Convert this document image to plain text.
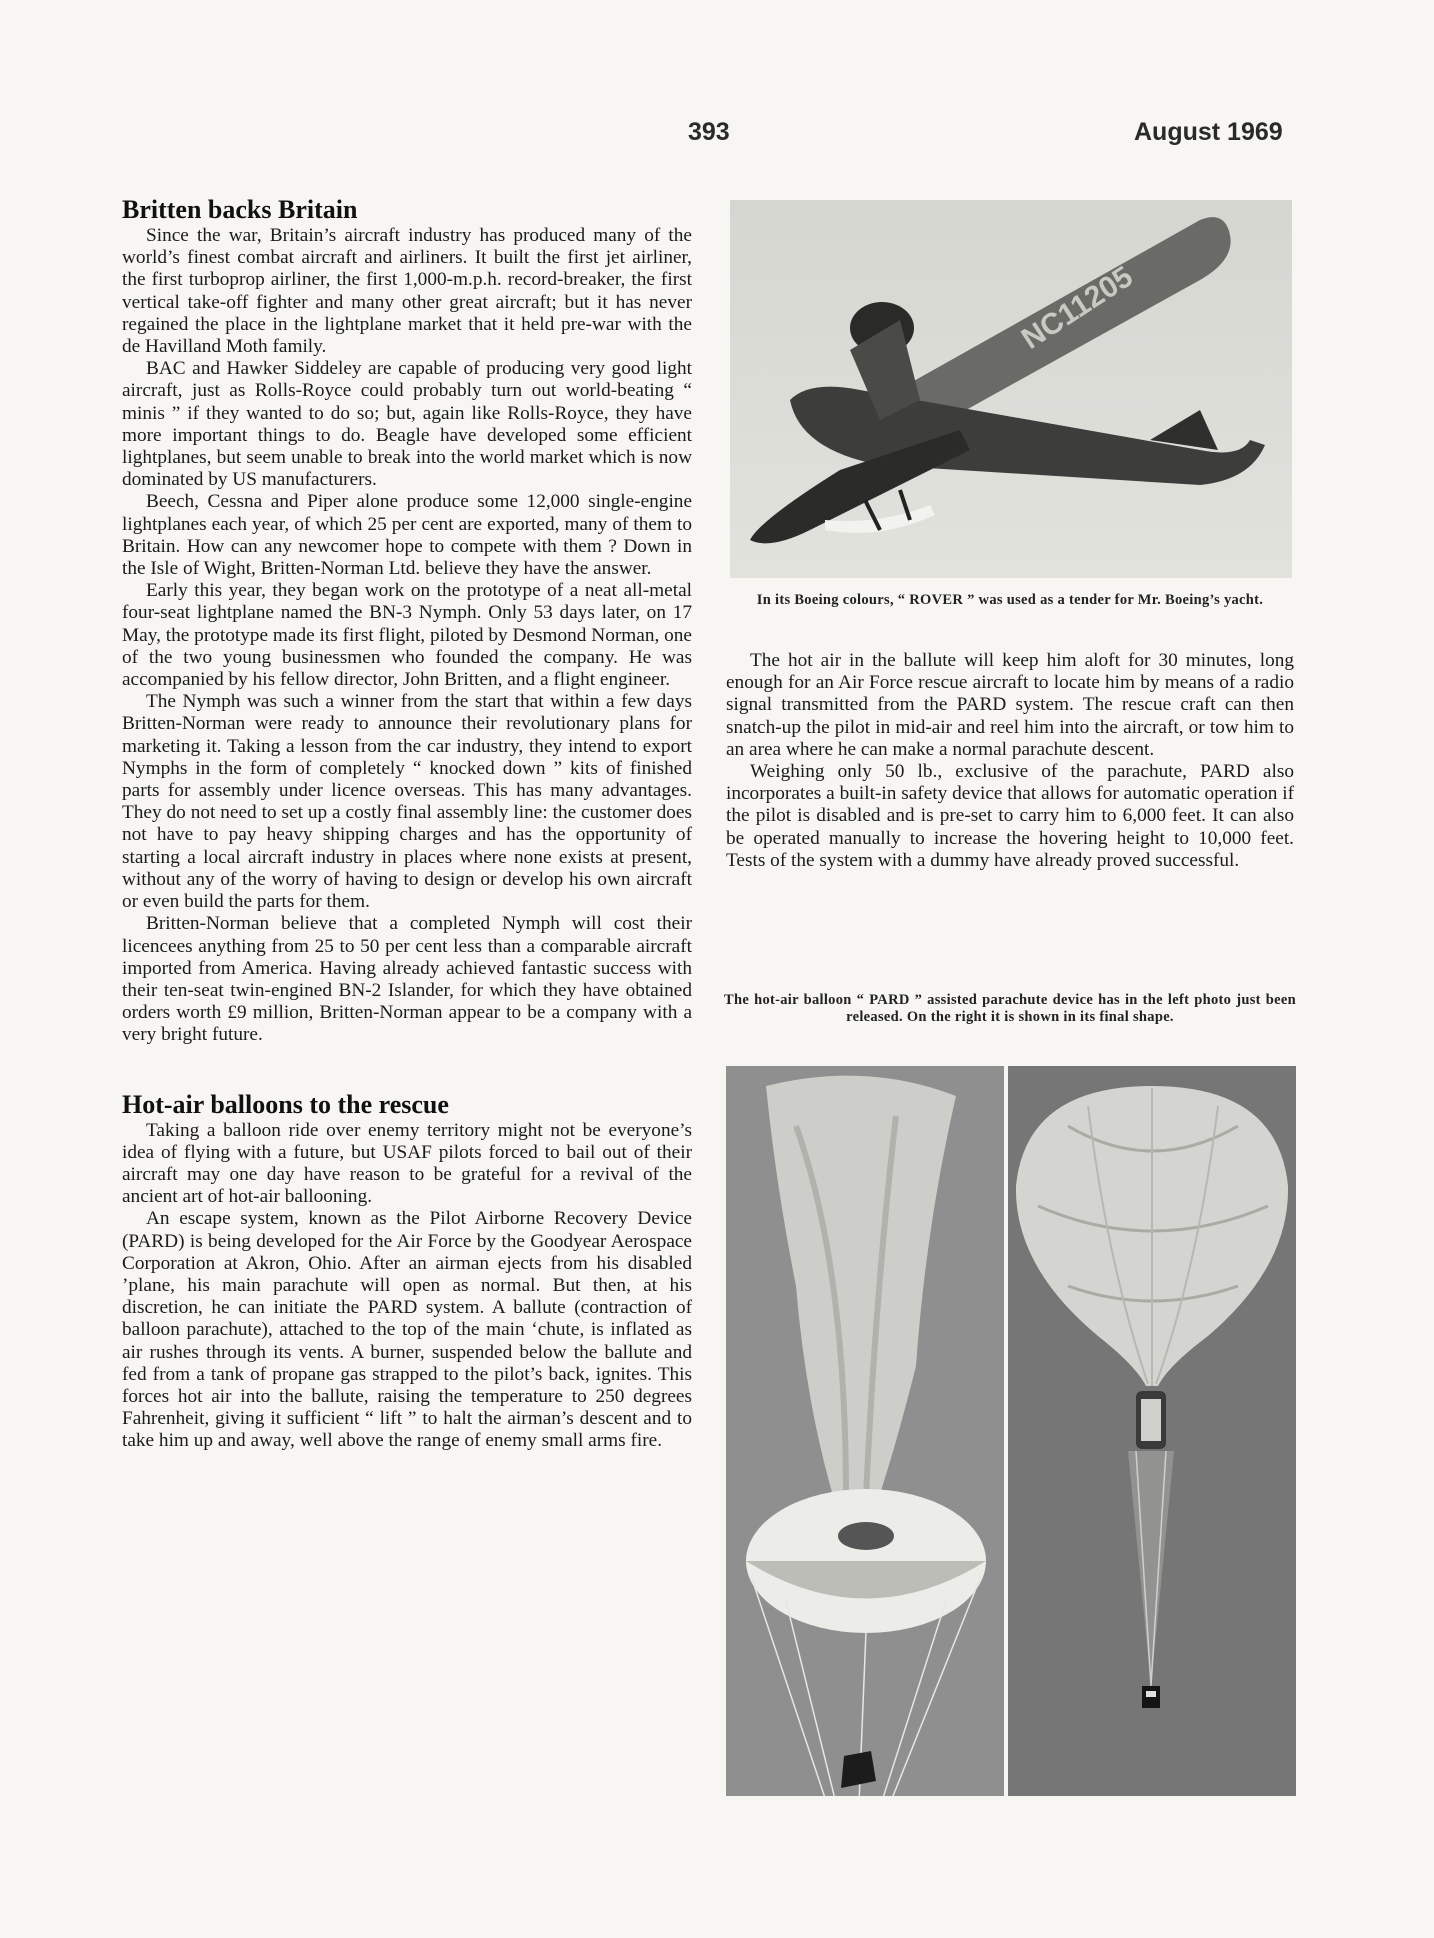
393	August 1969
Britten backs Britain

Since the war, Britain’s aircraft industry has produced many of the world’s finest combat aircraft and airliners. It built the first jet airliner, the first turboprop airliner, the first 1,000-m.p.h. record-breaker, the first vertical take-off fighter and many other great aircraft; but it has never regained the place in the lightplane market that it held pre-war with the de Havilland Moth family.

BAC and Hawker Siddeley are capable of producing very good light aircraft, just as Rolls-Royce could probably turn out world-beating “ minis ” if they wanted to do so; but, again like Rolls-Royce, they have more important things to do. Beagle have developed some efficient lightplanes, but seem unable to break into the world market which is now dominated by US manufacturers.

Beech, Cessna and Piper alone produce some 12,000 single-engine lightplanes each year, of which 25 per cent are exported, many of them to Britain. How can any newcomer hope to compete with them ? Down in the Isle of Wight, Britten-Norman Ltd. believe they have the answer.

Early this year, they began work on the prototype of a neat all-metal four-seat lightplane named the BN-3 Nymph. Only 53 days later, on 17 May, the prototype made its first flight, piloted by Desmond Norman, one of the two young businessmen who founded the company. He was accompanied by his fellow director, John Britten, and a flight engineer.

The Nymph was such a winner from the start that within a few days Britten-Norman were ready to announce their revolutionary plans for marketing it. Taking a lesson from the car industry, they intend to export Nymphs in the form of completely “ knocked down ” kits of finished parts for assembly under licence overseas. This has many advantages. They do not need to set up a costly final assembly line: the customer does not have to pay heavy shipping charges and has the opportunity of starting a local aircraft industry in places where none exists at present, without any of the worry of having to design or develop his own aircraft or even build the parts for them.

Britten-Norman believe that a completed Nymph will cost their licencees anything from 25 to 50 per cent less than a comparable aircraft imported from America. Having already achieved fantastic success with their ten-seat twin-engined BN-2 Islander, for which they have obtained orders worth £9 million, Britten-Norman appear to be a company with a very bright future.

Hot-air balloons to the rescue

Taking a balloon ride over enemy territory might not be everyone’s idea of flying with a future, but USAF pilots forced to bail out of their aircraft may one day have reason to be grateful for a revival of the ancient art of hot-air ballooning.

An escape system, known as the Pilot Airborne Recovery Device (PARD) is being developed for the Air Force by the Goodyear Aerospace Corporation at Akron, Ohio. After an airman ejects from his disabled ’plane, his main parachute will open as normal. But then, at his discretion, he can initiate the PARD system. A ballute (contraction of balloon parachute), attached to the top of the main ‘chute, is inflated as air rushes through its vents. A burner, suspended below the ballute and fed from a tank of propane gas strapped to the pilot’s back, ignites. This forces hot air into the ballute, raising the temperature to 250 degrees Fahrenheit, giving it sufficient “ lift ” to halt the airman’s descent and to take him up and away, well above the range of enemy small arms fire.

NC11205
In its Boeing colours, “ ROVER ” was used as a tender for Mr. Boeing’s yacht.

The hot air in the ballute will keep him aloft for 30 minutes, long enough for an Air Force rescue aircraft to locate him by means of a radio signal transmitted from the PARD system. The rescue craft can then snatch-up the pilot in mid-air and reel him into the aircraft, or tow him to an area where he can make a normal parachute descent.

Weighing only 50 lb., exclusive of the parachute, PARD also incorporates a built-in safety device that allows for automatic operation if the pilot is disabled and is pre-set to carry him to 6,000 feet. It can also be operated manually to increase the hovering height to 10,000 feet. Tests of the system with a dummy have already proved successful.

The hot-air balloon “ PARD ” assisted parachute device has in the left photo just been released. On the right it is shown in its final shape.
